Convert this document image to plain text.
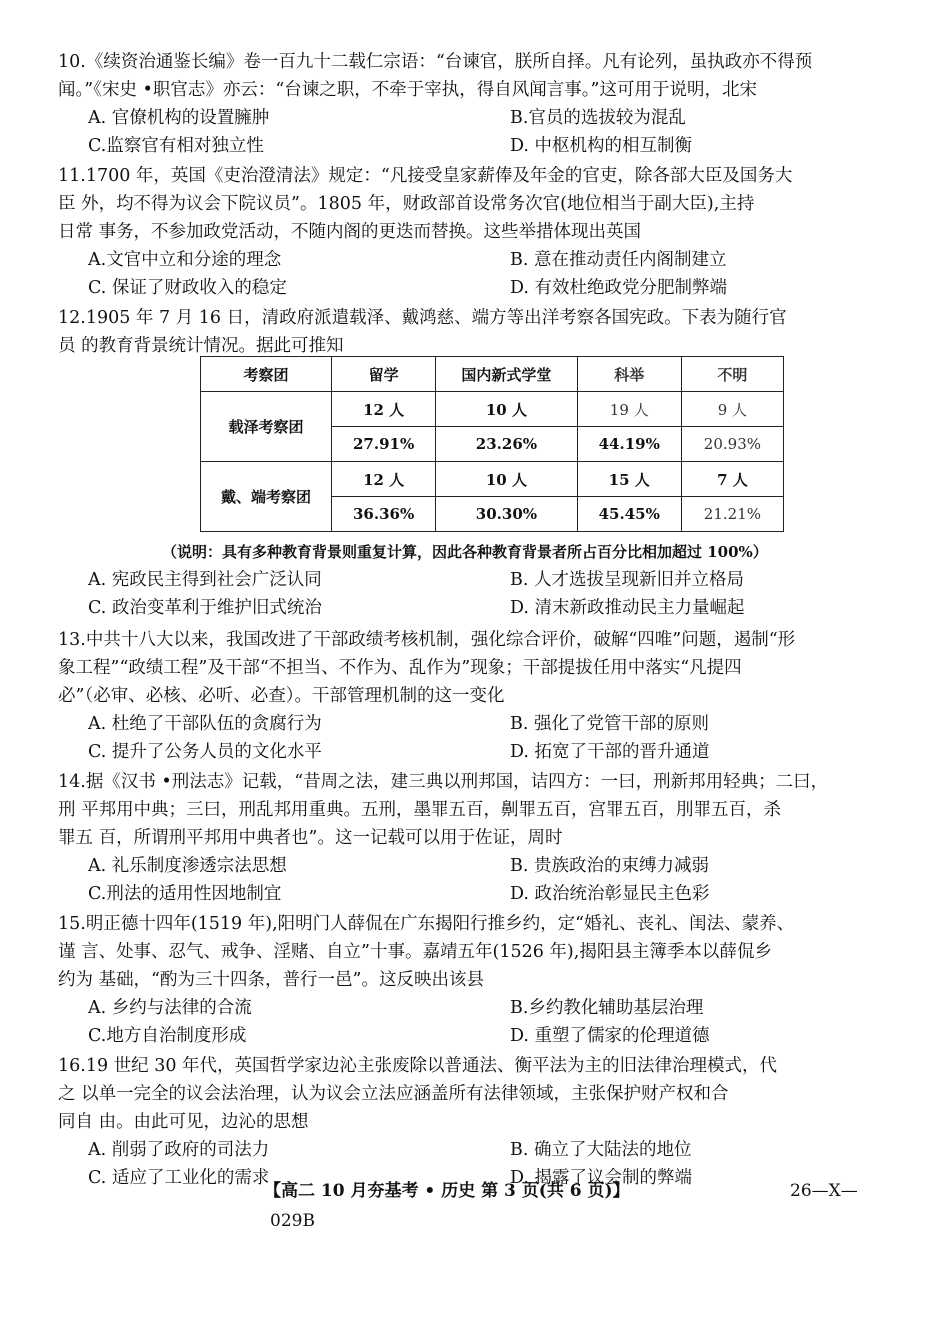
10.《续资治通鉴长编》卷一百九十二载仁宗语：“台谏官，朕所自择。凡有论列，虽执政亦不得预

闻。”《宋史 •职官志》亦云：“台谏之职，不牵于宰执，得自风闻言事。”这可用于说明，北宋

A. 官僚机构的设置臃肿	B.官员的选拔较为混乱
C.监察官有相对独立性	D. 中枢机构的相互制衡

11.1700 年，英国《吏治澄清法》规定：“凡接受皇家薪俸及年金的官吏，除各部大臣及国务大

臣 外，均不得为议会下院议员”。1805 年，财政部首设常务次官(地位相当于副大臣),主持

日常 事务，不参加政党活动，不随内阁的更迭而替换。这些举措体现出英国

A.文官中立和分途的理念	B. 意在推动责任内阁制建立
C. 保证了财政收入的稳定	D. 有效杜绝政党分肥制弊端

12.1905 年 7 月 16 日，清政府派遣载泽、戴鸿慈、端方等出洋考察各国宪政。下表为随行官

员 的教育背景统计情况。据此可推知

考察团	留学	国内新式学堂	科举	不明
载泽考察团	12 人	10 人	19 人	9 人
	27.91%	23.26%	44.19%	20.93%
戴、端考察团	12 人	10 人	15 人	7 人
	36.36%	30.30%	45.45%	21.21%
（说明：具有多种教育背景则重复计算，因此各种教育背景者所占百分比相加超过 100%）
A. 宪政民主得到社会广泛认同	B. 人才选拔呈现新旧并立格局
C. 政治变革利于维护旧式统治	D. 清末新政推动民主力量崛起

13.中共十八大以来，我国改进了干部政绩考核机制，强化综合评价，破解“四唯”问题，遏制“形

象工程”“政绩工程”及干部“不担当、不作为、乱作为”现象；干部提拔任用中落实“凡提四

必”（必审、必核、必听、必查）。干部管理机制的这一变化

A. 杜绝了干部队伍的贪腐行为	B. 强化了党管干部的原则
C. 提升了公务人员的文化水平	D. 拓宽了干部的晋升通道

14.据《汉书 •刑法志》记载，“昔周之法，建三典以刑邦国，诘四方：一曰，刑新邦用轻典；二曰，

刑 平邦用中典；三曰，刑乱邦用重典。五刑，墨罪五百，劓罪五百，宫罪五百，刖罪五百，杀

罪五 百，所谓刑平邦用中典者也”。这一记载可以用于佐证，周时

A. 礼乐制度渗透宗法思想	B. 贵族政治的束缚力减弱
C.刑法的适用性因地制宜	D. 政治统治彰显民主色彩

15.明正德十四年(1519 年),阳明门人薛侃在广东揭阳行推乡约，定“婚礼、丧礼、闺法、蒙养、

谨 言、处事、忍气、戒争、淫赌、自立”十事。嘉靖五年(1526 年),揭阳县主簿季本以薛侃乡

约为 基础，“酌为三十四条，普行一邑”。这反映出该县

A. 乡约与法律的合流	B.乡约教化辅助基层治理
C.地方自治制度形成	D. 重塑了儒家的伦理道德

16.19 世纪 30 年代，英国哲学家边沁主张废除以普通法、衡平法为主的旧法律治理模式，代

之 以单一完全的议会法治理，认为议会立法应涵盖所有法律领域，主张保护财产权和合

同自 由。由此可见，边沁的思想

A. 削弱了政府的司法力	B. 确立了大陆法的地位
C. 适应了工业化的需求	D. 揭露了议会制的弊端
【高二 10 月夯基考 • 历史 第 3 页(共 6 页)】	26—X—
029B
